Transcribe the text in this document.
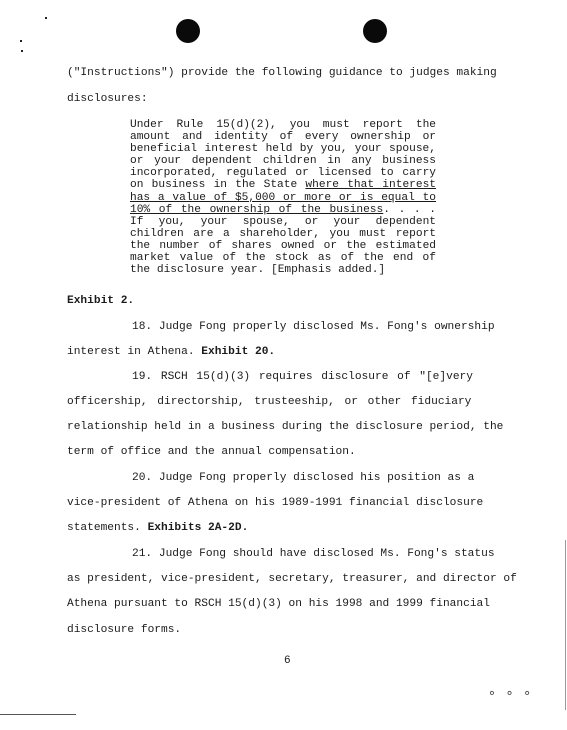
("Instructions") provide the following guidance to judges making
disclosures:

Under Rule 15(d)(2), you must report the amount and identity of every ownership or beneficial interest held by you, your spouse, or your dependent children in any business incorporated, regulated or licensed to carry on business in the State where that interest has a value of $5,000 or more or is equal to 10% of the ownership of the business. . . . If you, your spouse, or your dependent children are a shareholder, you must report the number of shares owned or the estimated market value of the stock as of the end of the disclosure year. [Emphasis added.]

Exhibit 2.
18. Judge Fong properly disclosed Ms. Fong's ownership
interest in Athena. Exhibit 20.
19. RSCH 15(d)(3) requires disclosure of "[e]very
officership, directorship, trusteeship, or other fiduciary
relationship held in a business during the disclosure period, the
term of office and the annual compensation.
20. Judge Fong properly disclosed his position as a
vice-president of Athena on his 1989-1991 financial disclosure
statements. Exhibits 2A-2D.
21. Judge Fong should have disclosed Ms. Fong's status
as president, vice-president, secretary, treasurer, and director of
Athena pursuant to RSCH 15(d)(3) on his 1998 and 1999 financial
disclosure forms.
6
∘ ∘ ∘
